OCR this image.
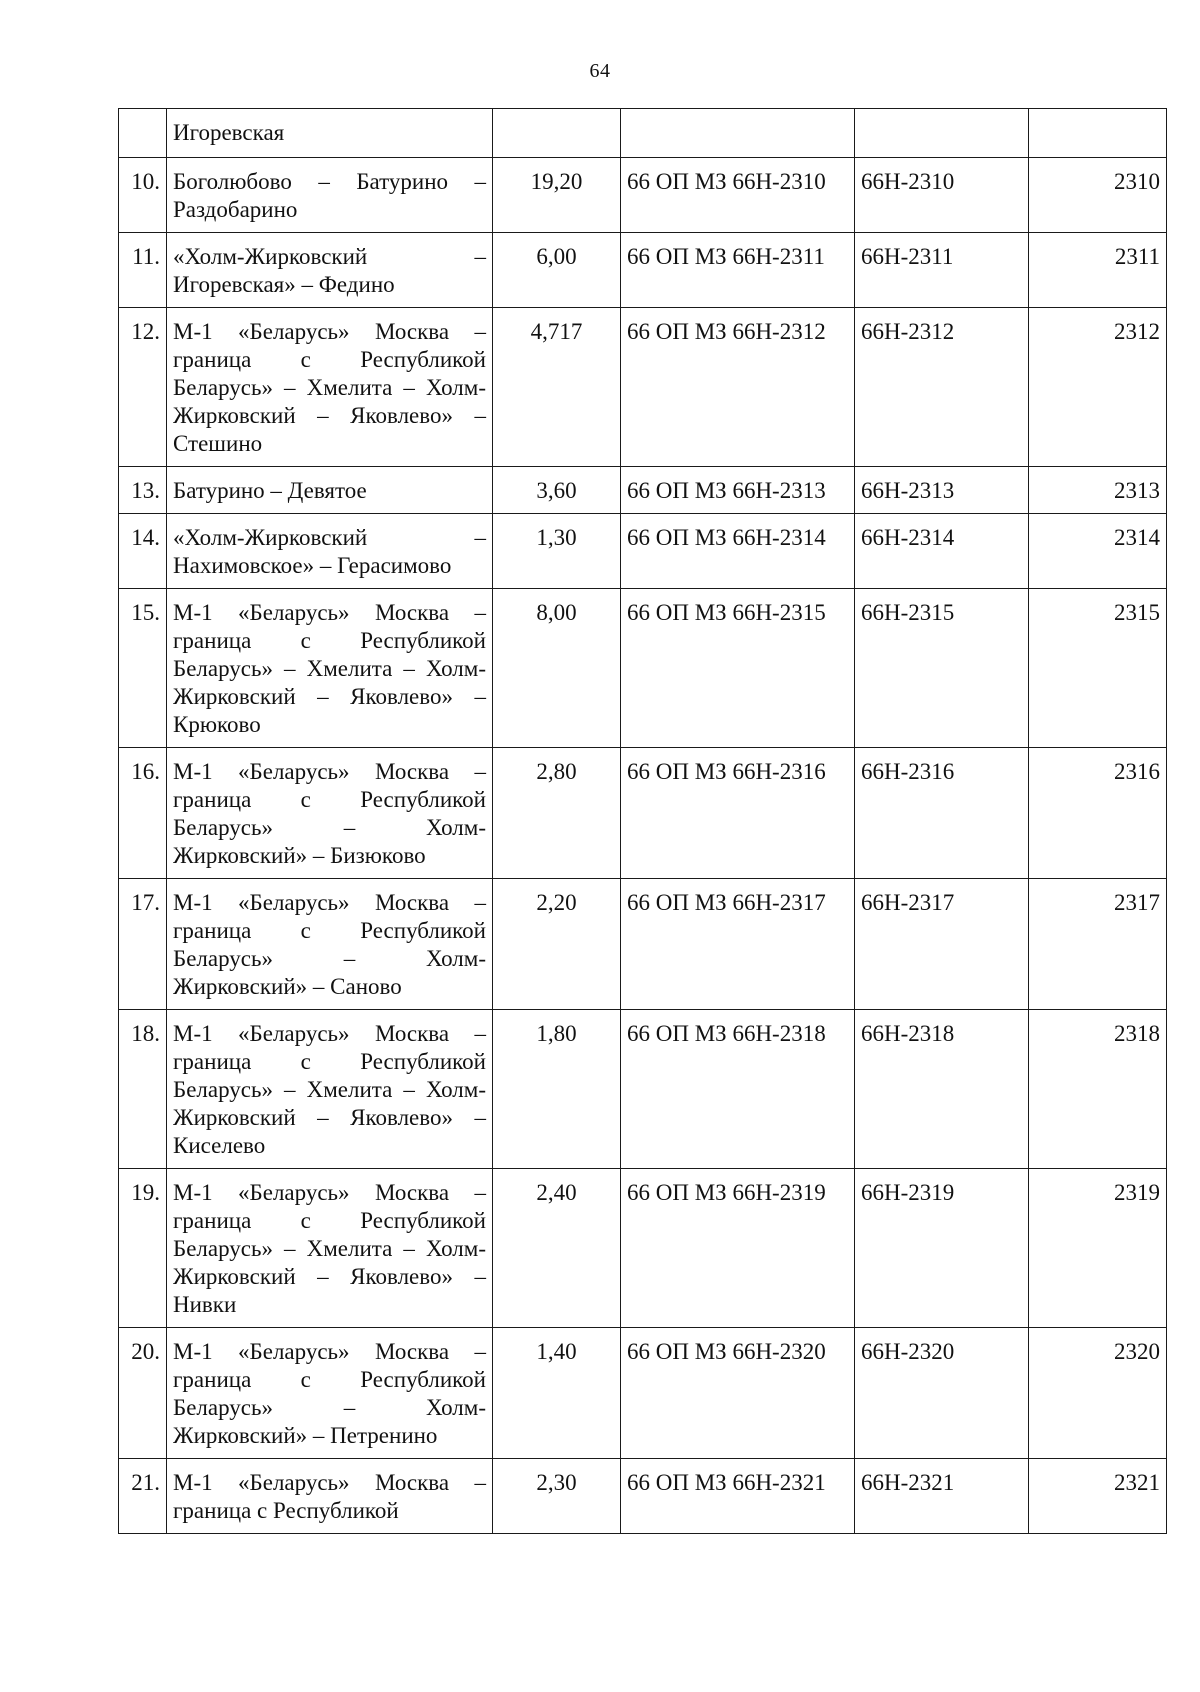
64
	Игоревская				
10.	Боголюбово – Батурино – Раздобарино	19,20	66 ОП МЗ 66Н-2310	66Н-2310	2310
11.	«Холм-Жирковский – Игоревская» – Федино	6,00	66 ОП МЗ 66Н-2311	66Н-2311	2311
12.	М-1 «Беларусь» Москва – граница с Республикой Беларусь» – Хмелита – Холм-Жирковский – Яковлево» – Стешино	4,717	66 ОП МЗ 66Н-2312	66Н-2312	2312
13.	Батурино – Девятое	3,60	66 ОП МЗ 66Н-2313	66Н-2313	2313
14.	«Холм-Жирковский – Нахимовское» – Герасимово	1,30	66 ОП МЗ 66Н-2314	66Н-2314	2314
15.	М-1 «Беларусь» Москва – граница с Республикой Беларусь» – Хмелита – Холм-Жирковский – Яковлево» – Крюково	8,00	66 ОП МЗ 66Н-2315	66Н-2315	2315
16.	М-1 «Беларусь» Москва – граница с Республикой Беларусь» – Холм-Жирковский» – Бизюково	2,80	66 ОП МЗ 66Н-2316	66Н-2316	2316
17.	М-1 «Беларусь» Москва – граница с Республикой Беларусь» – Холм-Жирковский» – Саново	2,20	66 ОП МЗ 66Н-2317	66Н-2317	2317
18.	М-1 «Беларусь» Москва – граница с Республикой Беларусь» – Хмелита – Холм-Жирковский – Яковлево» – Киселево	1,80	66 ОП МЗ 66Н-2318	66Н-2318	2318
19.	М-1 «Беларусь» Москва – граница с Республикой Беларусь» – Хмелита – Холм-Жирковский – Яковлево» – Нивки	2,40	66 ОП МЗ 66Н-2319	66Н-2319	2319
20.	М-1 «Беларусь» Москва – граница с Республикой Беларусь» – Холм-Жирковский» – Петренино	1,40	66 ОП МЗ 66Н-2320	66Н-2320	2320
21.	М-1 «Беларусь» Москва – граница с Республикой	2,30	66 ОП МЗ 66Н-2321	66Н-2321	2321
